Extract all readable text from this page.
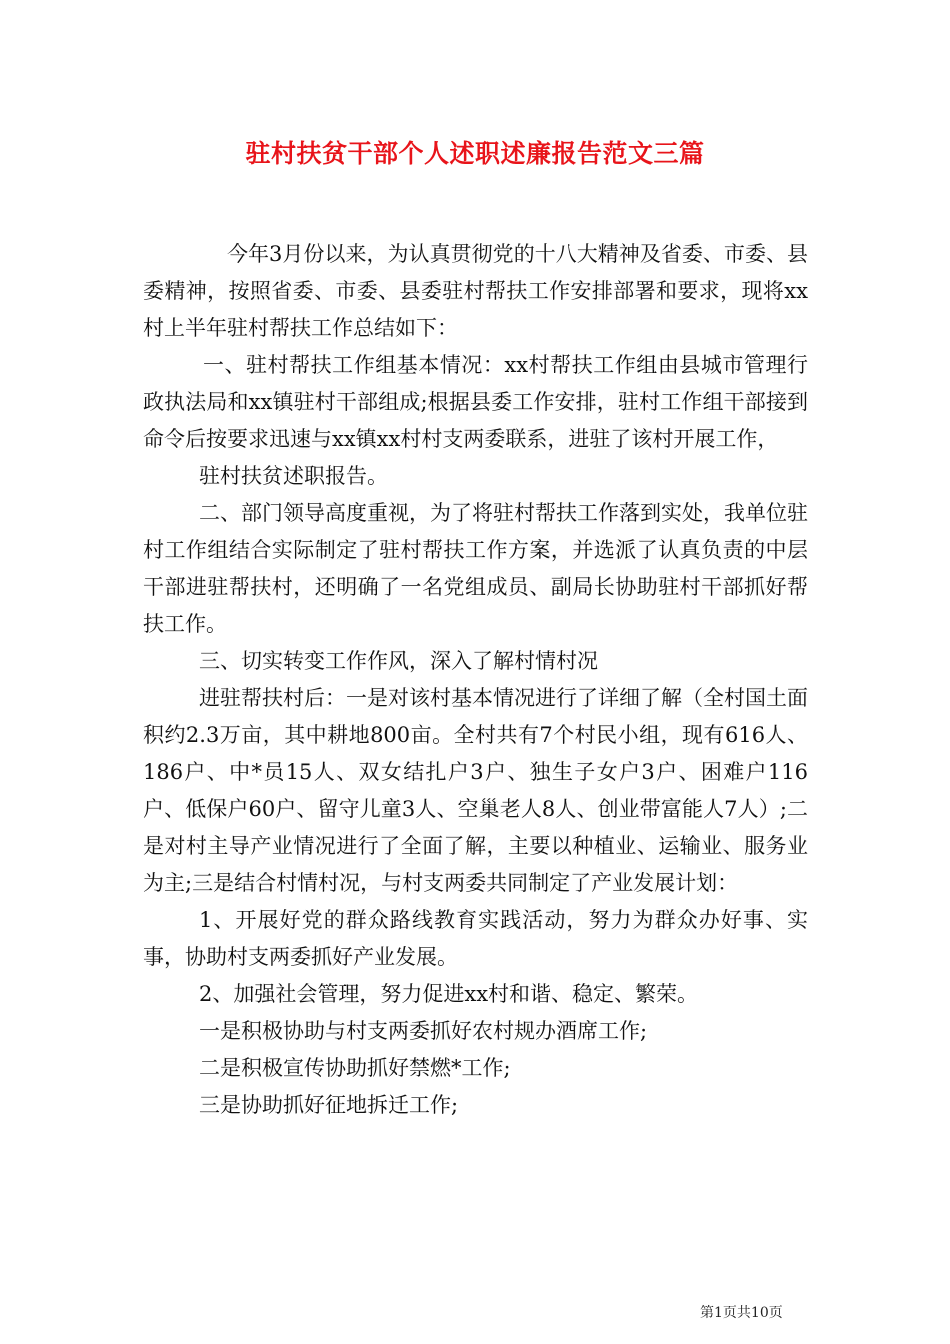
驻村扶贫干部个人述职述廉报告范文三篇

今年3月份以来，为认真贯彻党的十八大精神及省委、市委、县委精神，按照省委、市委、县委驻村帮扶工作安排部署和要求，现将xx村上半年驻村帮扶工作总结如下：

一、驻村帮扶工作组基本情况：xx村帮扶工作组由县城市管理行政执法局和xx镇驻村干部组成;根据县委工作安排，驻村工作组干部接到命令后按要求迅速与xx镇xx村村支两委联系，进驻了该村开展工作，

驻村扶贫述职报告。

二、部门领导高度重视，为了将驻村帮扶工作落到实处，我单位驻村工作组结合实际制定了驻村帮扶工作方案，并选派了认真负责的中层干部进驻帮扶村，还明确了一名党组成员、副局长协助驻村干部抓好帮扶工作。

三、切实转变工作作风，深入了解村情村况

进驻帮扶村后：一是对该村基本情况进行了详细了解（全村国土面积约2.3万亩，其中耕地800亩。全村共有7个村民小组，现有616人、186户、中*员15人、双女结扎户3户、独生子女户3户、困难户116户、低保户60户、留守儿童3人、空巢老人8人、创业带富能人7人）;二是对村主导产业情况进行了全面了解，主要以种植业、运输业、服务业为主;三是结合村情村况，与村支两委共同制定了产业发展计划：

1、开展好党的群众路线教育实践活动，努力为群众办好事、实事，协助村支两委抓好产业发展。

2、加强社会管理，努力促进xx村和谐、稳定、繁荣。

一是积极协助与村支两委抓好农村规办酒席工作;

二是积极宣传协助抓好禁燃*工作;

三是协助抓好征地拆迁工作;

第1页共10页
